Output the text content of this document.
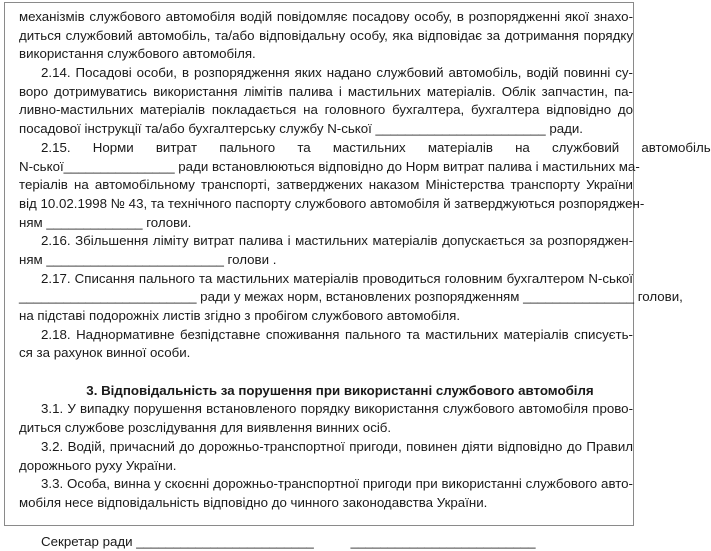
механізмів службового автомобіля водій повідомляє посадову особу, в розпорядженні якої знахо-
диться службовий автомобіль, та/або відповідальну особу, яка відповідає за дотримання порядку
використання службового автомобіля.
2.14. Посадові особи, в розпорядження яких надано службовий автомобіль, водій повинні су-
воро дотримуватись використання лімітів палива і мастильних матеріалів. Облік запчастин, па-
ливно-мастильних матеріалів покладається на головного бухгалтера, бухгалтера відповідно до
посадової інструкції та/або бухгалтерську службу N-ської _______________________ ради.
2.15.      Норми      витрат      пального      та      мастильних      матеріалів      на      службовий      автомобіль
N-ської_______________ ради встановлюються відповідно до Норм витрат палива і мастильних ма-
теріалів на автомобільному транспорті, затверджених наказом Міністерства транспорту України
від 10.02.1998 № 43, та технічного паспорту службового автомобіля й затверджуються розпоряджен-
ням _____________ голови.
2.16. Збільшення ліміту витрат палива і мастильних матеріалів допускається за розпоряджен-
ням ________________________ голови .
2.17. Списання пального та мастильних матеріалів проводиться головним бухгалтером N-ської
________________________ ради у межах норм, встановлених розпорядженням _______________ голови,
на підставі подорожніх листів згідно з пробігом службового автомобіля.
2.18. Наднормативне безпідставне споживання пального та мастильних матеріалів списуєть-
ся за рахунок винної особи.
3. Відповідальність за порушення при використанні службового автомобіля
3.1. У випадку порушення встановленого порядку використання службового автомобіля прово-
диться службове розслідування для виявлення винних осіб.
3.2. Водій, причасний до дорожньо-транспортної пригоди, повинен діяти відповідно до Правил
дорожнього руху України.
3.3. Особа, винна у скоєнні дорожньо-транспортної пригоди при використанні службового авто-
мобіля несе відповідальність відповідно до чинного законодавства України.
Секретар ради ________________________          _________________________
